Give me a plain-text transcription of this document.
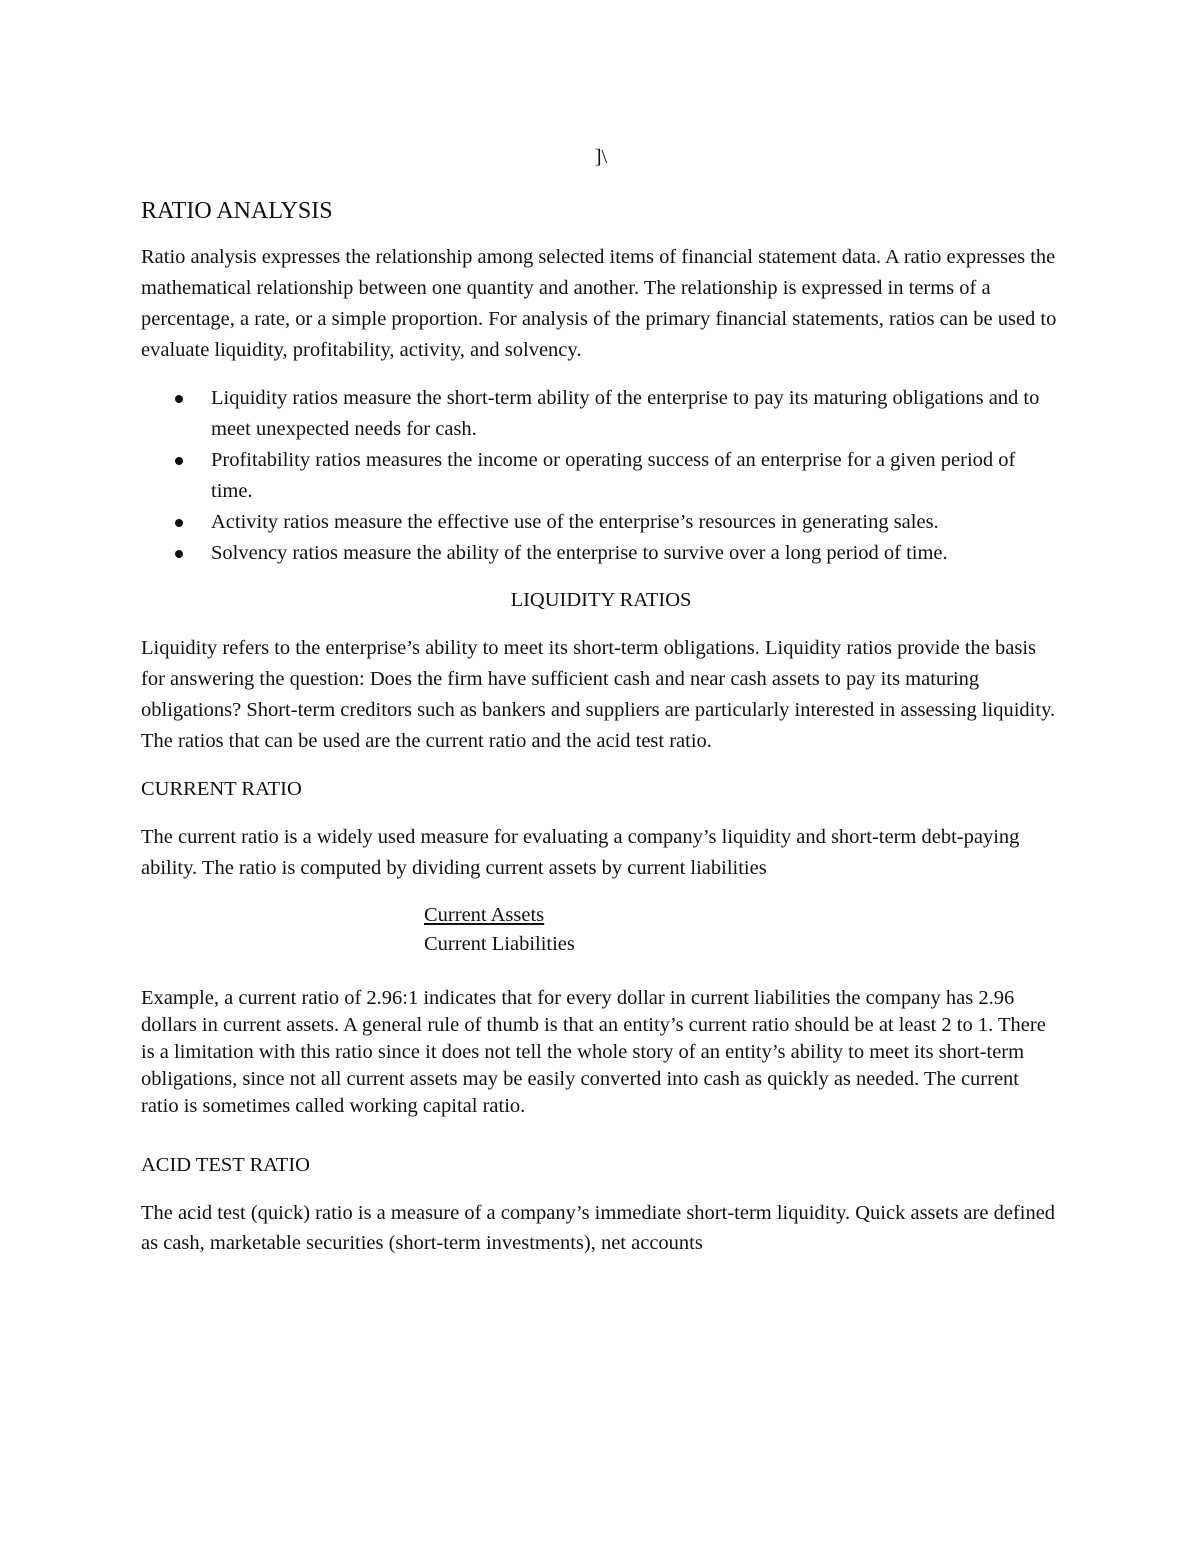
]\
RATIO ANALYSIS

Ratio analysis expresses the relationship among selected items of financial statement data. A ratio expresses the mathematical relationship between one quantity and another. The relationship is expressed in terms of a percentage, a rate, or a simple proportion. For analysis of the primary financial statements, ratios can be used to evaluate liquidity, profitability, activity, and solvency.

Liquidity ratios measure the short-term ability of the enterprise to pay its maturing obligations and to meet unexpected needs for cash.
Profitability ratios measures the income or operating success of an enterprise for a given period of time.
Activity ratios measure the effective use of the enterprise’s resources in generating sales.
Solvency ratios measure the ability of the enterprise to survive over a long period of time.
LIQUIDITY RATIOS

Liquidity refers to the enterprise’s ability to meet its short-term obligations. Liquidity ratios provide the basis for answering the question: Does the firm have sufficient cash and near cash assets to pay its maturing obligations? Short-term creditors such as bankers and suppliers are particularly interested in assessing liquidity. The ratios that can be used are the current ratio and the acid test ratio.

CURRENT RATIO

The current ratio is a widely used measure for evaluating a company’s liquidity and short-term debt-paying ability. The ratio is computed by dividing current assets by current liabilities

Current Assets
Current Liabilities

Example, a current ratio of 2.96:1 indicates that for every dollar in current liabilities the company has 2.96 dollars in current assets. A general rule of thumb is that an entity’s current ratio should be at least 2 to 1. There is a limitation with this ratio since it does not tell the whole story of an entity’s ability to meet its short-term obligations, since not all current assets may be easily converted into cash as quickly as needed. The current ratio is sometimes called working capital ratio.

ACID TEST RATIO

The acid test (quick) ratio is a measure of a company’s immediate short-term liquidity. Quick assets are defined as cash, marketable securities (short-term investments), net accounts
